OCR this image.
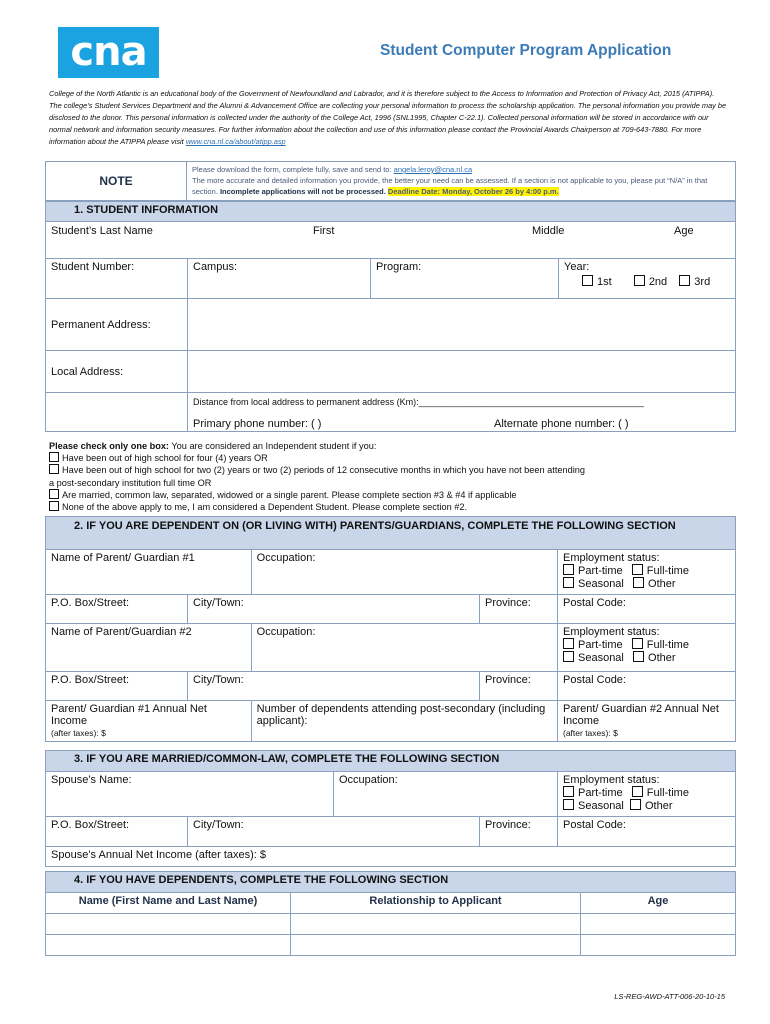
cna	Student Computer Program Application
College of the North Atlantic is an educational body of the Government of Newfoundland and Labrador, and it is therefore subject to the Access to Information and Protection of Privacy Act, 2015 (ATIPPA). The college’s Student Services Department and the Alumni & Advancement Office are collecting your personal information to process the scholarship application. The personal information you provide may be disclosed to the donor. This personal information is collected under the authority of the College Act, 1996 (SNL1995, Chapter C-22.1). Collected personal information will be stored in accordance with our normal network and information security measures. For further information about the collection and use of this information please contact the Provincial Awards Chairperson at 709-643-7880. For more information about the ATIPPA please visit www.cna.nl.ca/about/atipp.asp
NOTE	Please download the form, complete fully, save and send to: angela.leroy@cna.nl.ca
The more accurate and detailed information you provide, the better your need can be assessed. If a section is not applicable to you, please put “N/A” in that section. Incomplete applications will not be processed. Deadline Date: Monday, October 26 by 4:00 p.m.
1. STUDENT INFORMATION			

Student’s Last Name First Middle Age			

Student Number:	Campus:	Program:	Year:
1st 2nd 3rd

Permanent Address:			
Local Address:			

	Distance from local address to permanent address (Km):_____________________________________________
Primary phone number: ( ) Alternate phone number: ( )		
Please check only one box: You are considered an Independent student if you:
Have been out of high school for four (4) years OR
Have been out of high school for two (2) years or two (2) periods of 12 consecutive months in which you have not been attending
a post-secondary institution full time OR
Are married, common law, separated, widowed or a single parent. Please complete section #3 & #4 if applicable
None of the above apply to me, I am considered a Dependent Student. Please complete section #2.
2. IF YOU ARE DEPENDENT ON (OR LIVING WITH) PARENTS/GUARDIANS, COMPLETE THE FOLLOWING SECTION				
Name of Parent/ Guardian #1		Occupation:		Employment status:
Part-time Full-time
Seasonal Other

P.O. Box/Street:	City/Town:		Province:	Postal Code:
Name of Parent/Guardian #2		Occupation:		Employment status:
Part-time Full-time
Seasonal Other

P.O. Box/Street:	City/Town:		Province:	Postal Code:

Parent/ Guardian #1 Annual Net Income
(after taxes): $		Number of dependents attending post-secondary (including applicant):		Parent/ Guardian #2 Annual Net Income
(after taxes): $
3. IF YOU ARE MARRIED/COMMON-LAW, COMPLETE THE FOLLOWING SECTION				
Spouse’s Name:		Occupation:		Employment status:
Part-time Full-time
Seasonal Other

P.O. Box/Street:	City/Town:		Province:	Postal Code:
Spouse’s Annual Net Income (after taxes): $				
4. IF YOU HAVE DEPENDENTS, COMPLETE THE FOLLOWING SECTION		
Name (First Name and Last Name)	Relationship to Applicant	Age

LS-REG-AWD-ATT-006-20-10-15
